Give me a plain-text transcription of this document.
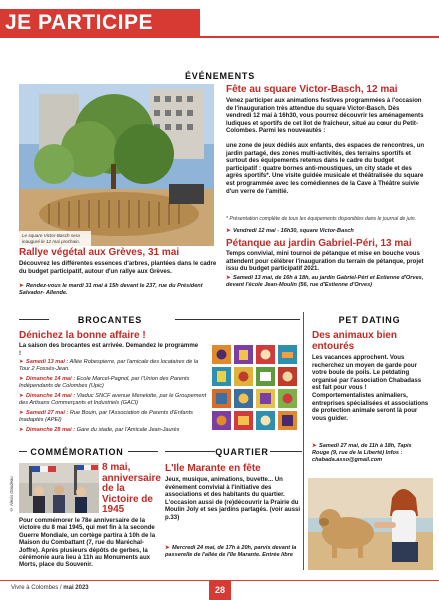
JE PARTICIPE
ÉVÉNEMENTS
Le square Victor-Basch sera inauguré le 12 mai prochain.
Rallye végétal aux Grèves, 31 mai
Découvrez les différentes essences d'arbres, plantées dans le cadre du budget participatif, autour d'un rallye aux Grèves.
➤ Rendez-vous le mardi 31 mai à 15h devant le 237, rue du Président Salvador- Allende.
Fête au square Victor-Basch, 12 mai
Venez participer aux animations festives programmées à l'occasion de l'inauguration très attendue du square Victor-Basch. Dès vendredi 12 mai à 16h30, vous pourrez découvrir les aménagements ludiques et sportifs de cet îlot de fraîcheur, situé au cœur du Petit-Colombes. Parmi les nouveautés :
une zone de jeux dédiés aux enfants, des espaces de rencontres, un jardin partagé, des zones multi-activités, des terrains sportifs et surtout des équipements retenus dans le cadre du budget participatif : quatre bornes anti-moustiques, un city stade et des agrès sportifs*. Une visite guidée musicale et théâtralisée du square est programmée avec les comédiennes de la Cave à Théâtre suivie d'un verre de l'amitié.
* Présentation complète de tous les équipements disponibles dans le journal de juin.
➤ Vendredi 12 mai - 16h30, square Victor-Basch
Pétanque au jardin Gabriel-Péri, 13 mai
Temps convivial, mini tournoi de pétanque et mise en bouche vous attendent pour célébrer l'inauguration du terrain de pétanque, projet issu du budget participatif 2021.
➤ Samedi 13 mai, de 16h à 18h, au jardin Gabriel-Péri et Estienne d'Orves, devant l'école Jean-Moulin (56, rue d'Estienne d'Orves)
BROCANTES	PET DATING
Dénichez la bonne affaire !
La saison des brocantes est arrivée. Demandez le programme !
➤ Samedi 13 mai : Allée Robespierre, par l'amicale des locataires de la Tour 2 Fossés-Jean.
➤ Dimanche 14 mai : Ecole Marcel-Pagnol, par l'Union des Parents Indépendants de Colombes (Upic)
➤ Dimanche 14 mai : Viaduc SNCF avenue Menelotte, par le Groupement des Artisans Commerçants et Industriels (GACI)
➤ Samedi 27 mai : Rue Bouin, par l'Association de Parents d'Enfants Inadaptés (APEI)
➤ Dimanche 28 mai : Gare du stade, par l'Amicale Jean-Jaurès
Des animaux bien entourés
Les vacances approchent. Vous recherchez un moyen de garde pour votre boule de poils. Le petdating organisé par l'association Chabadass est fait pour vous ! Comportementalistes animaliers, entreprises spécialisées et associations de protection animale seront là pour vous guider.
➤ Samedi 27 mai, de 11h à 18h, Tapis Rouge (9, rue de la Liberté) Infos : chabada.asso@gmail.com
COMMÉMORATION	QUARTIER
© Alexis Goudeau
8 mai, anniversaire de la Victoire de 1945
Pour commémorer le 78e anniversaire de la victoire du 8 mai 1945, qui met fin à la seconde Guerre Mondiale, un cortège partira à 10h de la Maison du Combattant (7, rue du Maréchal-Joffre). Après plusieurs dépôts de gerbes, la cérémonie aura lieu à 11h au Monuments aux Morts, place du Souvenir.
L'Ile Marante en fête
Jeux, musique, animations, buvette... Un événement convivial à l'initiative des associations et des habitants du quartier. L'occasion aussi de (re)découvrir la Prairie du Moulin Joly et ses jardins partagés. (voir aussi p.33)
➤ Mercredi 24 mai, de 17h à 20h, parvis devant la passerelle de l'allée de l'Ile Marante. Entrée libre
Vivre à Colombes / mai 2023	28
